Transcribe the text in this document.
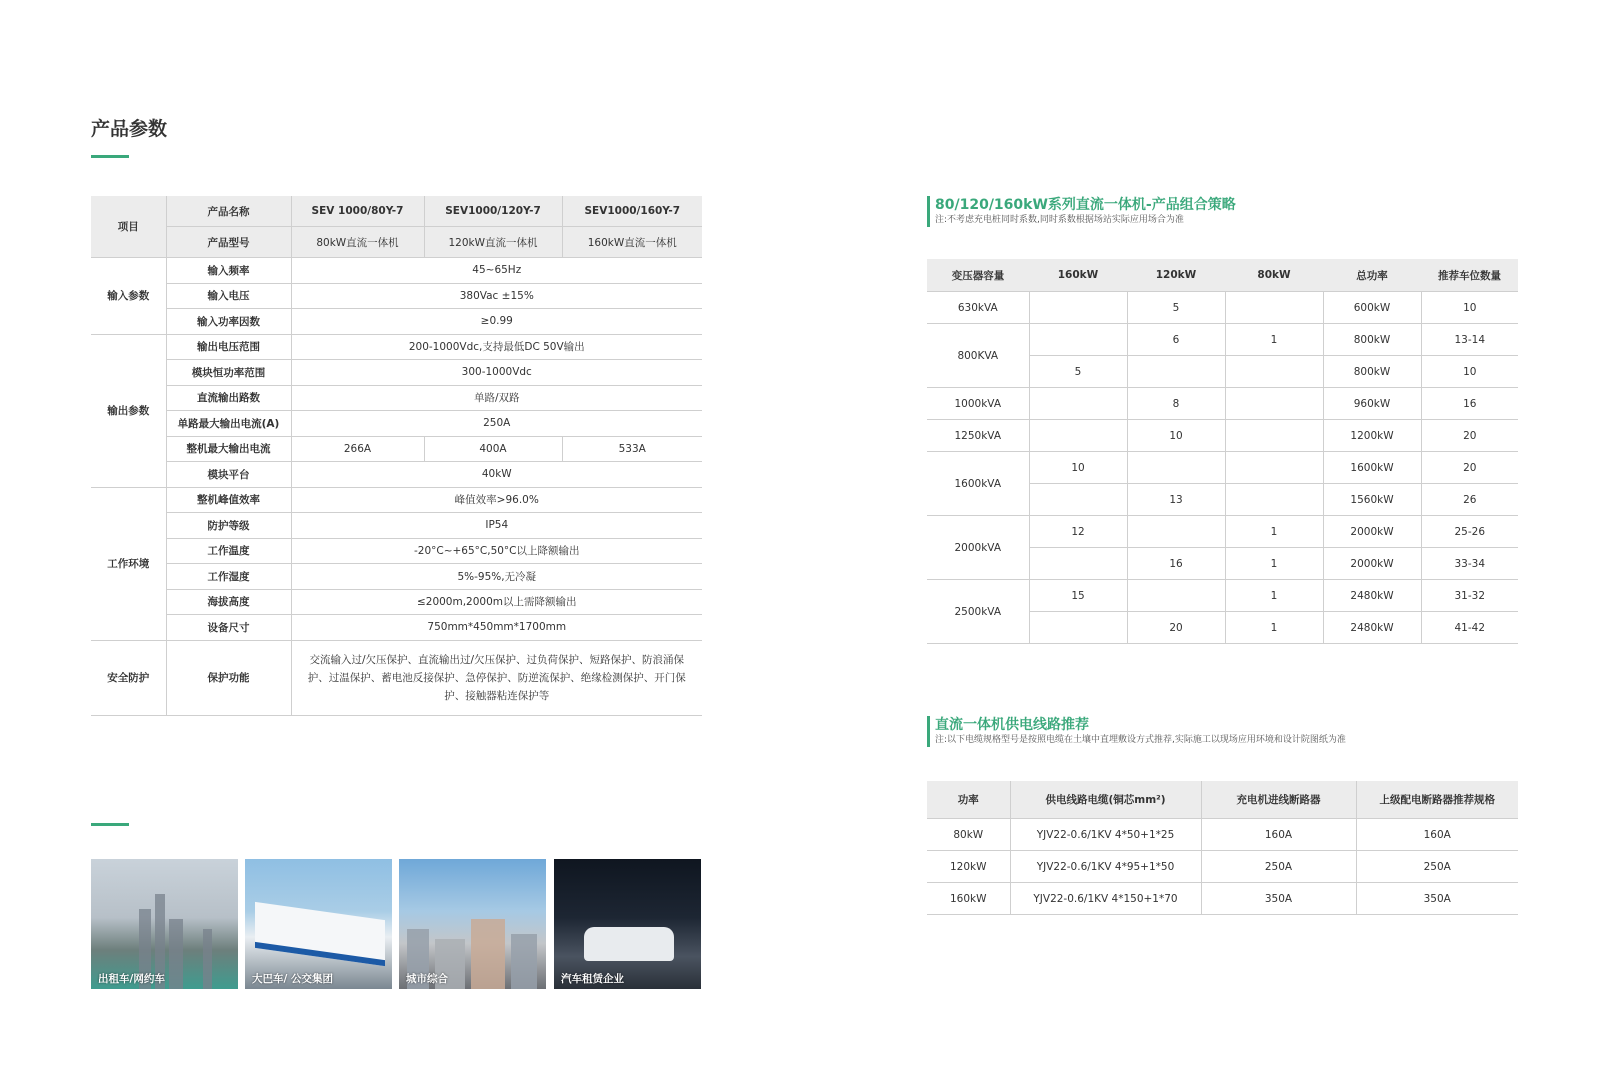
产品参数
项目	产品名称	SEV 1000/80Y-7	SEV1000/120Y-7	SEV1000/160Y-7
	产品型号	80kW直流一体机	120kW直流一体机	160kW直流一体机
输入参数	输入频率	45~65Hz		
	输入电压	380Vac ±15%		
	输入功率因数	≥0.99		
输出参数	输出电压范围	200-1000Vdc,支持最低DC 50V输出		
	模块恒功率范围	300-1000Vdc		
	直流输出路数	单路/双路		
	单路最大输出电流(A)	250A		
	整机最大输出电流	266A	400A	533A
	模块平台	40kW		
工作环境	整机峰值效率	峰值效率>96.0%		
	防护等级	IP54		
	工作温度	-20°C~+65°C,50°C以上降额输出		
	工作湿度	5%-95%,无冷凝		
	海拔高度	≤2000m,2000m以上需降额输出		
	设备尺寸	750mm*450mm*1700mm		
安全防护	保护功能	交流输入过/欠压保护、直流输出过/欠压保护、过负荷保护、短路保护、防浪涌保护、过温保护、蓄电池反接保护、急停保护、防逆流保护、绝缘检测保护、开门保护、接触器粘连保护等		
80/120/160kW系列直流一体机-产品组合策略
注:不考虑充电桩同时系数,同时系数根据场站实际应用场合为准
变压器容量	160kW	120kW	80kW	总功率	推荐车位数量
630kVA		5		600kW	10
800KVA		6	1	800kW	13-14
	5			800kW	10
1000kVA		8		960kW	16
1250kVA		10		1200kW	20
1600kVA	10			1600kW	20
		13		1560kW	26
2000kVA	12		1	2000kW	25-26
		16	1	2000kW	33-34
2500kVA	15		1	2480kW	31-32
		20	1	2480kW	41-42
直流一体机供电线路推荐
注:以下电缆规格型号是按照电缆在土壤中直埋敷设方式推荐,实际施工以现场应用环境和设计院图纸为准
功率	供电线路电缆(铜芯mm²)	充电机进线断路器	上级配电断路器推荐规格
80kW	YJV22-0.6/1KV 4*50+1*25	160A	160A
120kW	YJV22-0.6/1KV 4*95+1*50	250A	250A
160kW	YJV22-0.6/1KV 4*150+1*70	350A	350A
出租车/网约车	大巴车/ 公交集团	城市综合	汽车租赁企业
